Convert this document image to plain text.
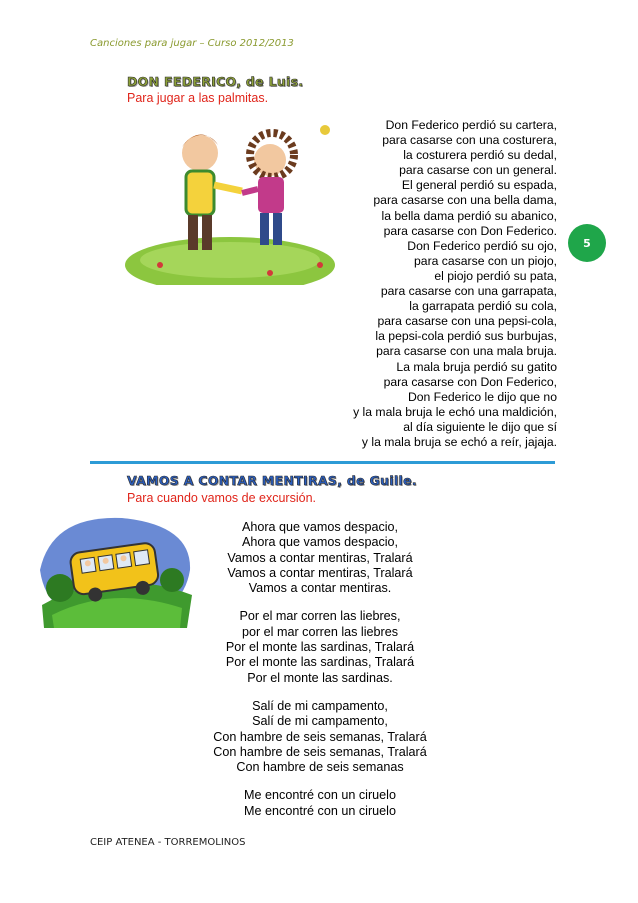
Canciones para jugar – Curso 2012/2013
5
DON FEDERICO, de Luis.
Para jugar a las palmitas.
Don Federico perdió su cartera,
para casarse con una costurera,
la costurera perdió su dedal,
para casarse con un general.
El general perdió su espada,
para casarse con una bella dama,
la bella dama perdió su abanico,
para casarse con Don Federico.
Don Federico perdió su ojo,
para casarse con un piojo,
el piojo perdió su pata,
para casarse con una garrapata,
la garrapata perdió su cola,
para casarse con una pepsi-cola,
la pepsi-cola perdió sus burbujas,
para casarse con una mala bruja.
La mala bruja perdió su gatito
para casarse con Don Federico,
Don Federico le dijo que no
y la mala bruja le echó una maldición,
al día siguiente le dijo que sí
y la mala bruja se echó a reír, jajaja.
VAMOS A CONTAR MENTIRAS, de Guille.
Para cuando vamos de excursión.
Ahora que vamos despacio,
Ahora que vamos despacio,
Vamos a contar mentiras, Tralará
Vamos a contar mentiras, Tralará
Vamos a contar mentiras.
Por el mar corren las liebres,
por el mar corren las liebres
Por el monte las sardinas, Tralará
Por el monte las sardinas, Tralará
Por el monte las sardinas.
Salí de mi campamento,
Salí de mi campamento,
Con hambre de seis semanas, Tralará
Con hambre de seis semanas, Tralará
Con hambre de seis semanas
Me encontré con un ciruelo
Me encontré con un ciruelo
CEIP ATENEA - TORREMOLINOS
